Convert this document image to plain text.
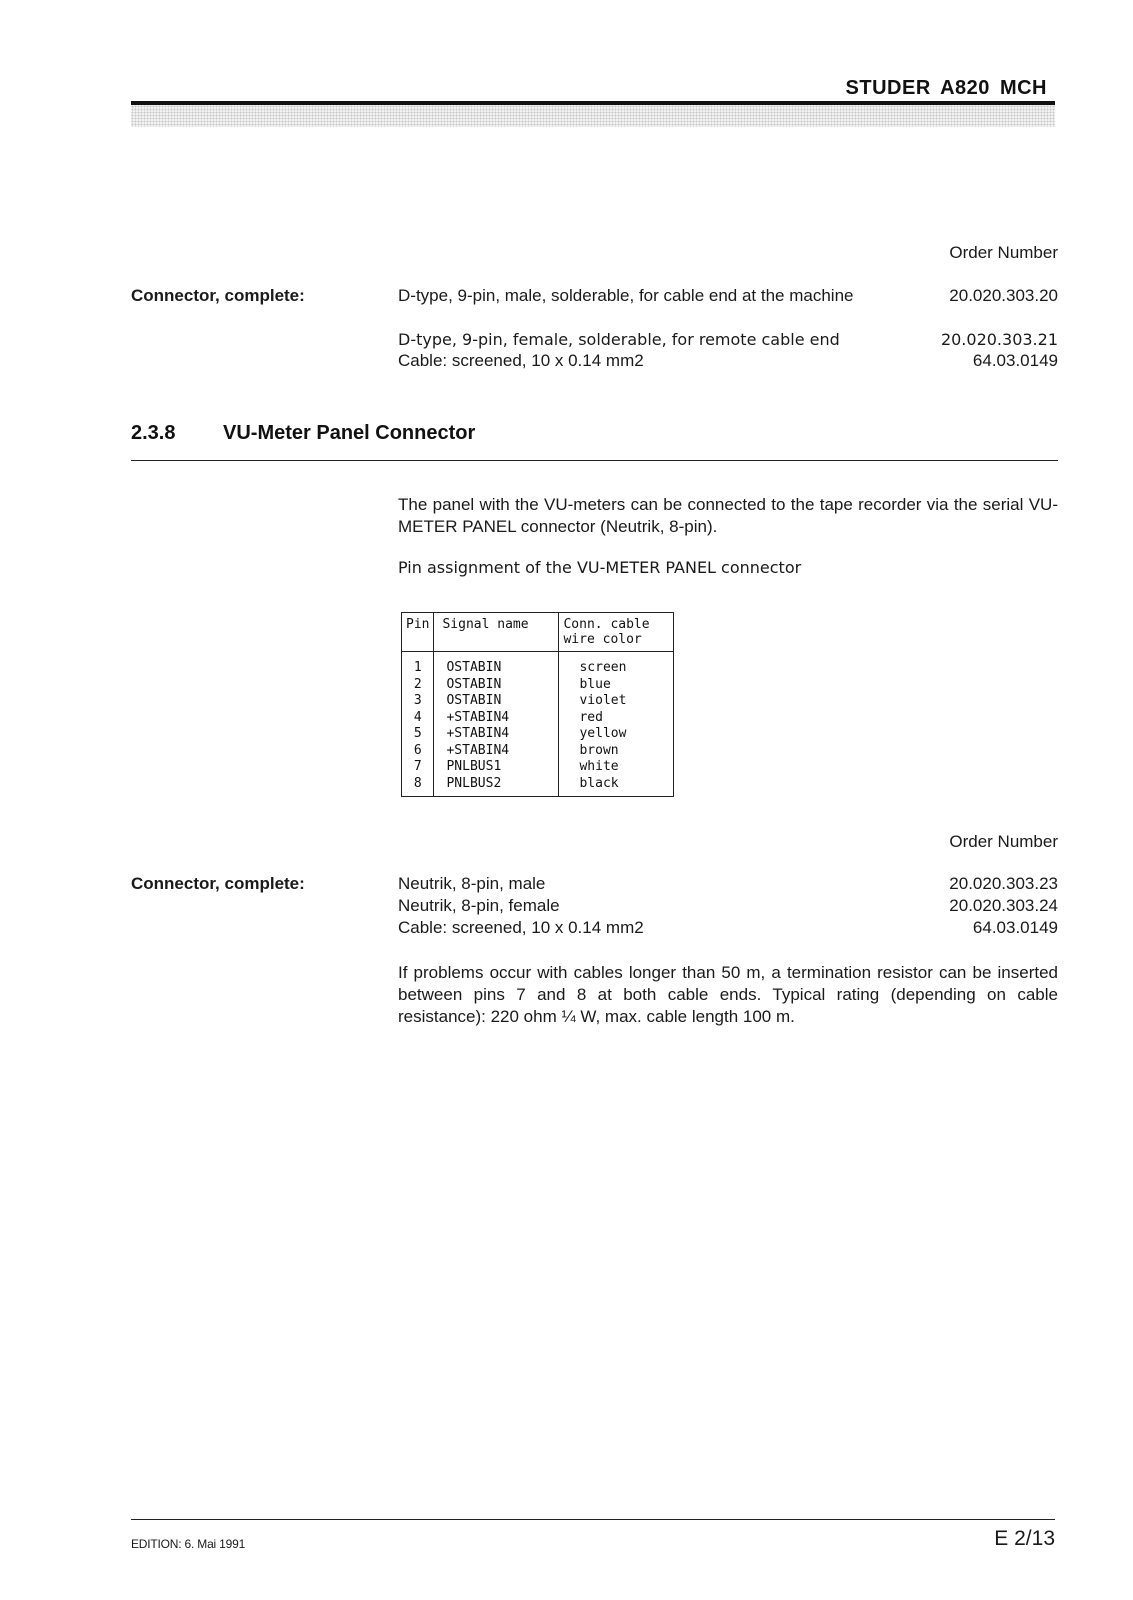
STUDER A820 MCH
Order Number
Connector, complete:	D-type, 9-pin, male, solderable, for cable end at the machine	20.020.303.20
D-type, 9-pin, female, solderable, for remote cable end	20.020.303.21
Cable: screened, 10 x 0.14 mm2	64.03.0149
2.3.8 VU-Meter Panel Connector
The panel with the VU-meters can be connected to the tape recorder via the serial VU-METER PANEL connector (Neutrik, 8-pin).
Pin assignment of the VU-METER PANEL connector
Pin	Signal name	Conn. cable
wire color

1	OSTABIN	screen
2	OSTABIN	blue
3	OSTABIN	violet
4	+STABIN4	red
5	+STABIN4	yellow
6	+STABIN4	brown
7	PNLBUS1	white
8	PNLBUS2	black
Order Number
Connector, complete:	Neutrik, 8-pin, male	20.020.303.23
Neutrik, 8-pin, female	20.020.303.24
Cable: screened, 10 x 0.14 mm2	64.03.0149
If problems occur with cables longer than 50 m, a termination resistor can be inserted between pins 7 and 8 at both cable ends. Typical rating (depending on cable resistance): 220 ohm ¼ W, max. cable length 100 m.
EDITION: 6. Mai 1991	E 2/13
